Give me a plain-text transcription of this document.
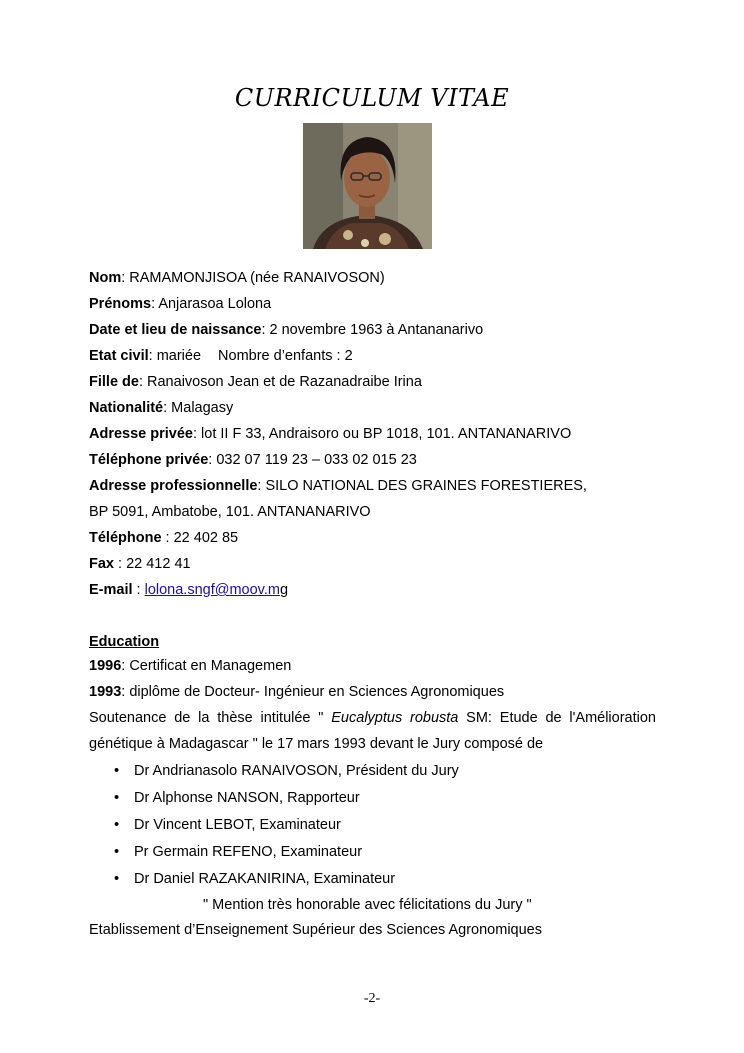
CURRICULUM VITAE
Nom: RAMAMONJISOA (née RANAIVOSON)
Prénoms: Anjarasoa Lolona
Date et lieu de naissance: 2 novembre 1963 à Antananarivo
Etat civil: mariée Nombre d’enfants : 2
Fille de: Ranaivoson Jean et de Razanadraibe Irina
Nationalité: Malagasy
Adresse privée: lot II F 33, Andraisoro ou BP 1018, 101. ANTANANARIVO
Téléphone privée: 032 07 119 23 – 033 02 015 23
Adresse professionnelle: SILO NATIONAL DES GRAINES FORESTIERES,
BP 5091, Ambatobe, 101. ANTANANARIVO
Téléphone : 22 402 85
Fax : 22 412 41
E-mail : lolona.sngf@moov.mg
Education
1996: Certificat en Managemen
1993: diplôme de Docteur- Ingénieur en Sciences Agronomiques
Soutenance de la thèse intitulée " Eucalyptus robusta SM: Etude de l'Amélioration
génétique à Madagascar " le 17 mars 1993 devant le Jury composé de
• Dr Andrianasolo RANAIVOSON, Président du Jury
• Dr Alphonse NANSON, Rapporteur
• Dr Vincent LEBOT, Examinateur
• Pr Germain REFENO, Examinateur
• Dr Daniel RAZAKANIRINA, Examinateur
" Mention très honorable avec félicitations du Jury "
Etablissement d’Enseignement Supérieur des Sciences Agronomiques
-2-
